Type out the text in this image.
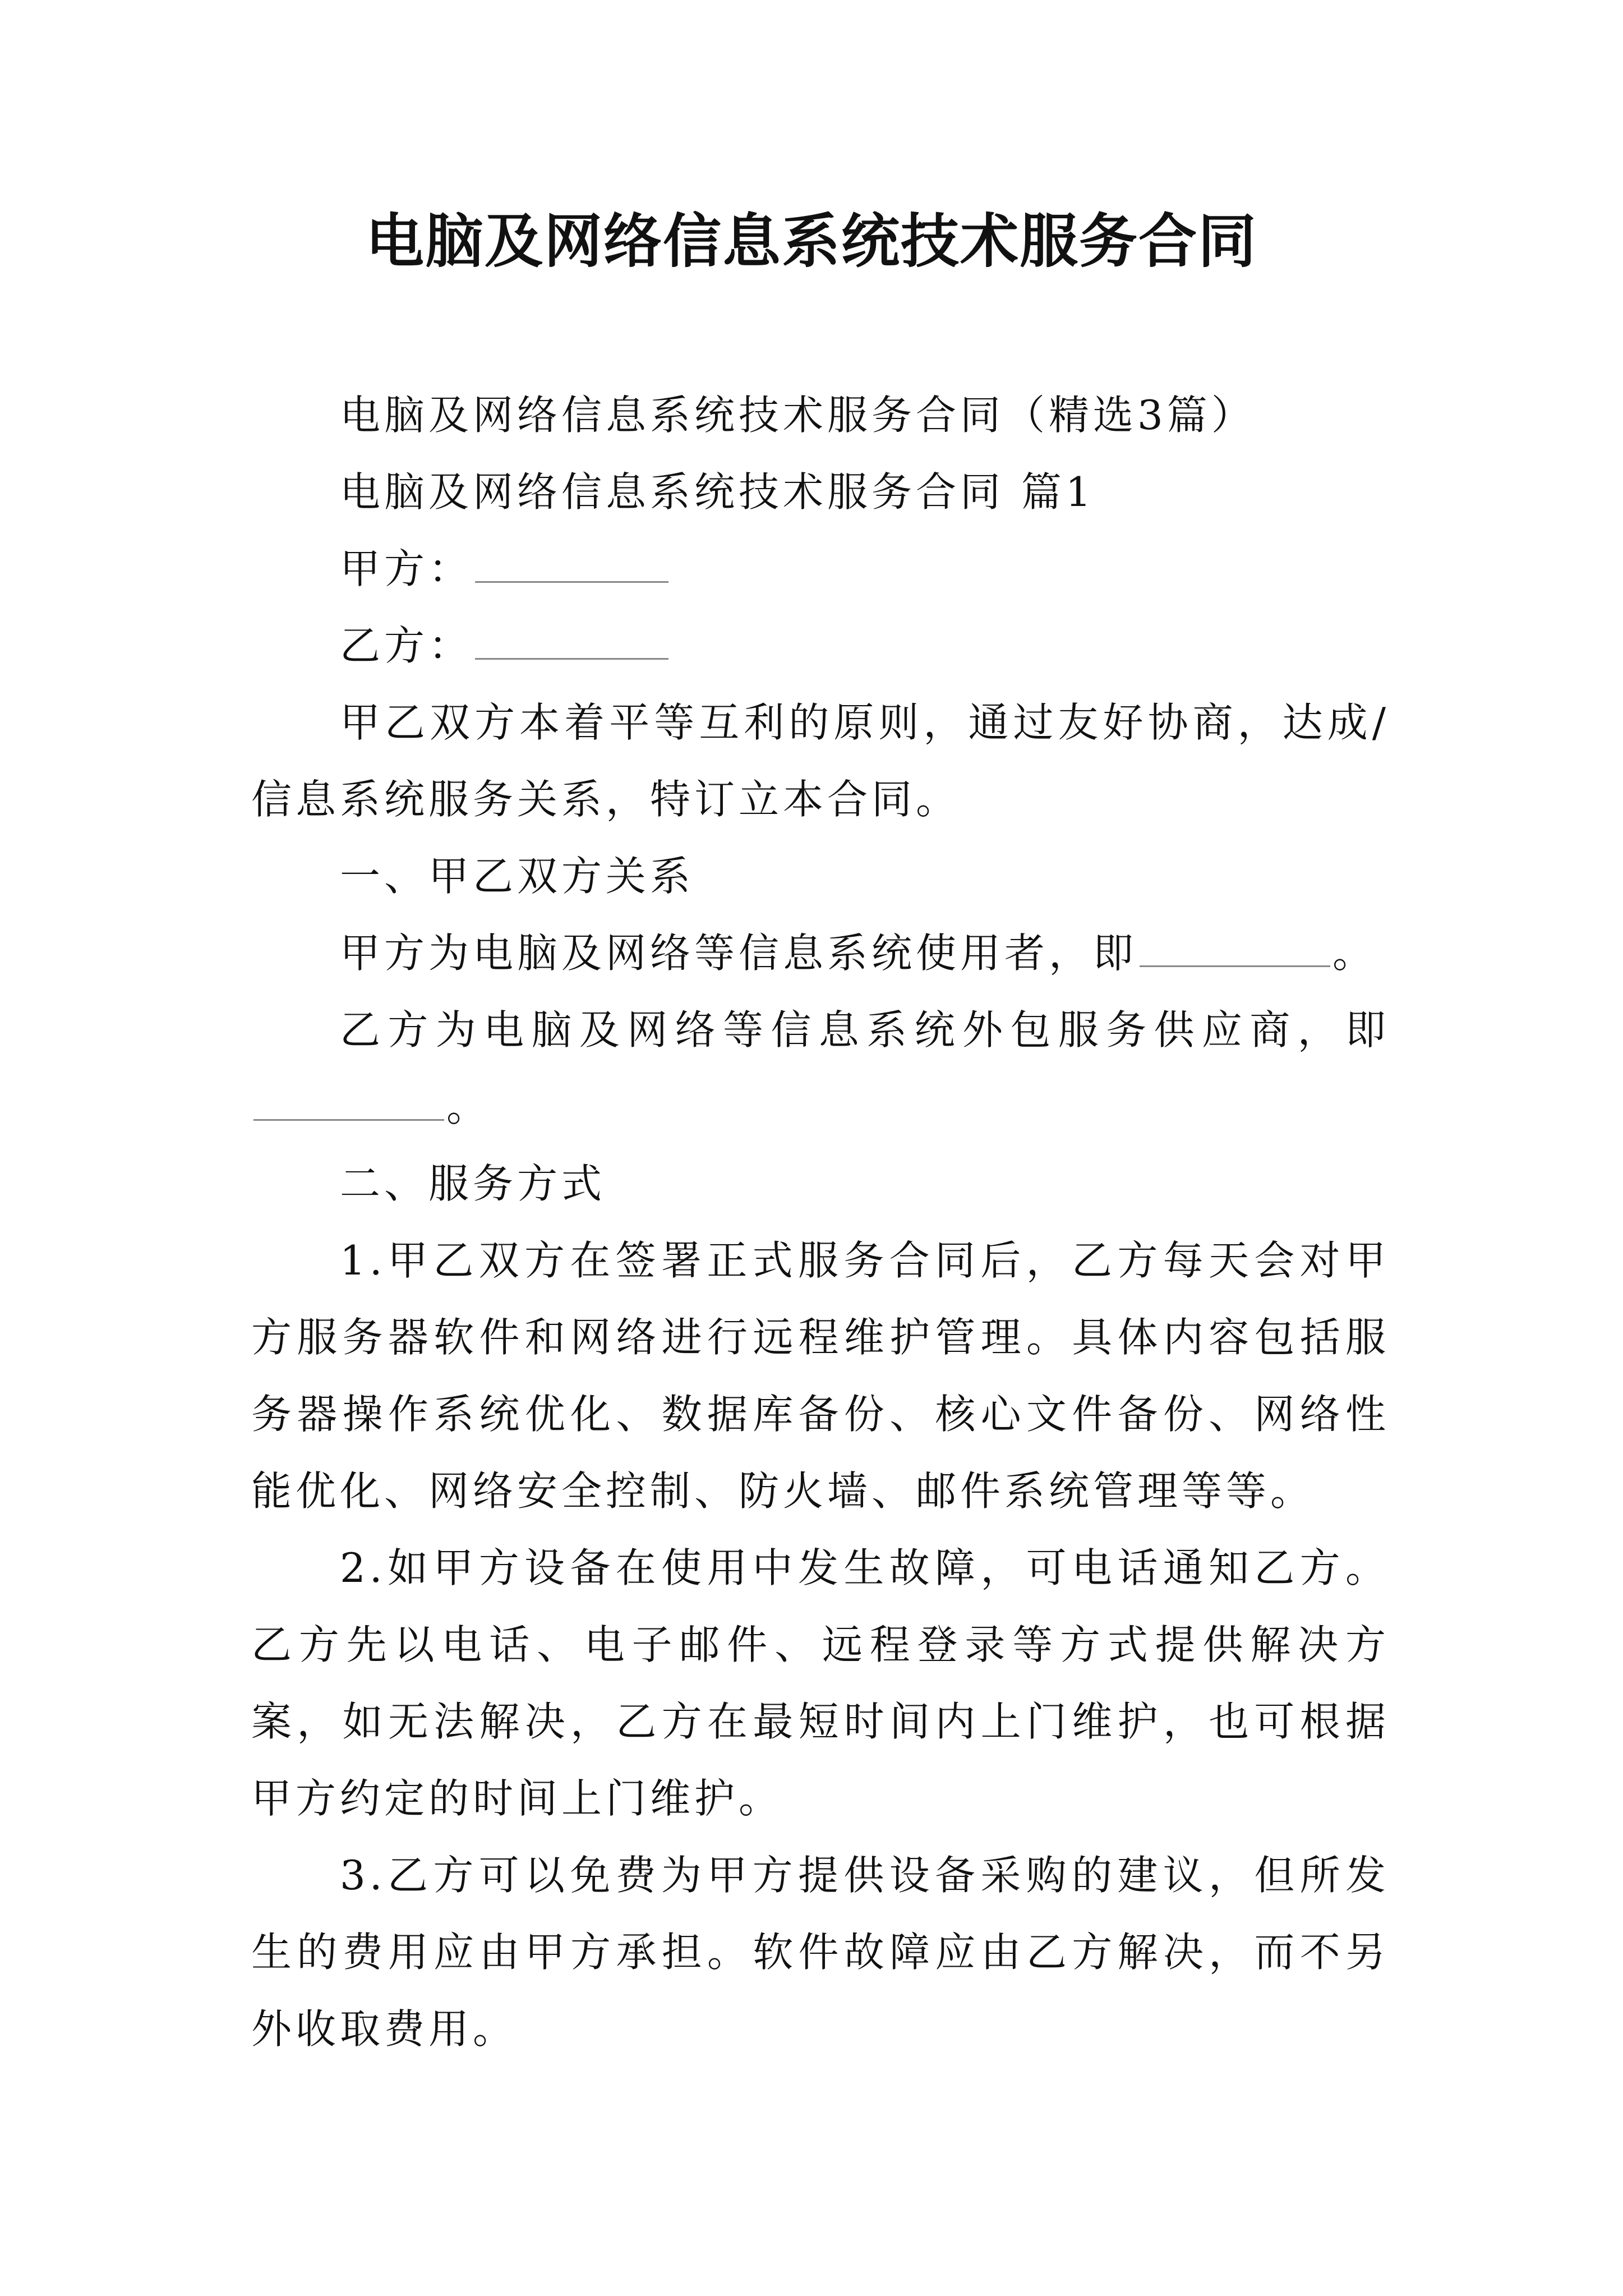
电脑及网络信息系统技术服务合同

电脑及网络信息系统技术服务合同（精选3篇）

电脑及网络信息系统技术服务合同 篇1

甲方：

乙方：

甲乙双方本着平等互利的原则，通过友好协商，达成/信息系统服务关系，特订立本合同。

一、甲乙双方关系

甲方为电脑及网络等信息系统使用者，即	。

乙方为电脑及网络等信息系统外包服务供应商，即。

二、服务方式

1.甲乙双方在签署正式服务合同后，乙方每天会对甲方服务器软件和网络进行远程维护管理。具体内容包括服务器操作系统优化、数据库备份、核心文件备份、网络性能优化、网络安全控制、防火墙、邮件系统管理等等。

2.如甲方设备在使用中发生故障，可电话通知乙方。乙方先以电话、电子邮件、远程登录等方式提供解决方案，如无法解决，乙方在最短时间内上门维护，也可根据甲方约定的时间上门维护。

3.乙方可以免费为甲方提供设备采购的建议，但所发生的费用应由甲方承担。软件故障应由乙方解决，而不另外收取费用。
